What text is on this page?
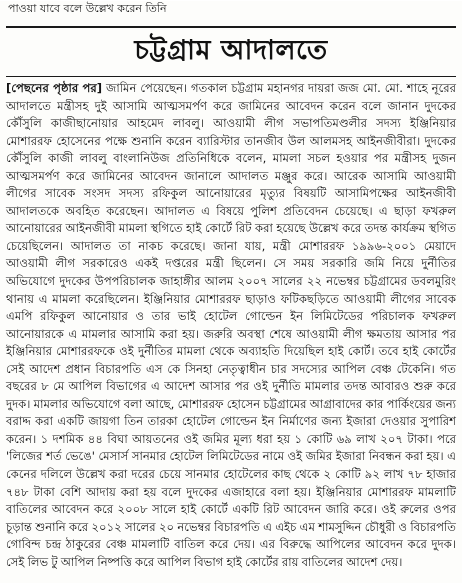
পাওয়া যাবে বলে উল্লেখ করেন তিনি
চট্টগ্রাম আদালতে
[পেছনের পৃষ্ঠার পর] জামিন পেয়েছেন। গতকাল চট্টগ্রাম মহানগর দায়রা জজ মো. মো. শাহে নূরের আদালতে মন্ত্রীসহ দুই আসামি আত্মসমর্পণ করে জামিনের আবেদন করেন বলে জানান দুদকের কৌঁসুলি কাজীছানোয়ার আহমেদ লাবলু। আওয়ামী লীগ সভাপতিমণ্ডলীর সদস্য ইঞ্জিনিয়ার মোশাররফ হোসেনের পক্ষে শুনানি করেন ব্যারিস্টার তানজীব উল আলমসহ আইনজীবীরা। দুদকের কৌঁসুলি কাজী লাবলু বাংলানিউজ প্রতিনিধিকে বলেন, মামলা সচল হওয়ার পর মন্ত্রীসহ দুজন আত্মসমর্পণ করে জামিনের আবেদন জানালে আদালত মঞ্জুর করে। আরেক আসামি আওয়ামী লীগের সাবেক সংসদ সদস্য রফিকুল আনোয়ারের মৃত্যুর বিষয়টি আসামিপক্ষের আইনজীবী আদালতকে অবহিত করেছেন। আদালত এ বিষয়ে পুলিশ প্রতিবেদন চেয়েছে। এ ছাড়া ফখরুল আনোয়ারের আইনজীবী মামলা স্থগিতে হাই কোর্টে রিট করা হয়েছে উল্লেখ করে তদন্ত কার্যক্রম স্থগিত চেয়েছিলেন। আদালত তা নাকচ করেছে। জানা যায়, মন্ত্রী মোশাররফ ১৯৯৬-২০০১ মেয়াদে আওয়ামী লীগ সরকারেও একই দপ্তরের মন্ত্রী ছিলেন। সে সময় সরকারি জমি নিয়ে দুর্নীতির অভিযোগে দুদকের উপপরিচালক জাহাঙ্গীর আলম ২০০৭ সালের ২২ নভেম্বর চট্টগ্রামের ডবলমুরিং থানায় এ মামলা করেছিলেন। ইঞ্জিনিয়ার মোশাররফ ছাড়াও ফটিকছড়িতে আওয়ামী লীগের সাবেক এমপি রফিকুল আনোয়ার ও তার ভাই হোটেল গোল্ডেন ইন লিমিটেডের পরিচালক ফখরুল আনোয়ারকে এ মামলার আসামি করা হয়। জরুরি অবস্থা শেষে আওয়ামী লীগ ক্ষমতায় আসার পর ইঞ্জিনিয়ার মোশাররফকে ওই দুর্নীতির মামলা থেকে অব্যাহতি দিয়েছিল হাই কোর্ট। তবে হাই কোর্টের সেই আদেশ প্রধান বিচারপতি এস কে সিনহা নেতৃত্বাধীন চার সদস্যের আপিল বেঞ্চ টেকেনি। গত বছরের ৮ মে আপিল বিভাগের এ আদেশ আসার পর ওই দুর্নীতি মামলার তদন্ত আবারও শুরু করে দুদক। মামলার অভিযোগে বলা আছে, মোশাররফ হোসেন চট্টগ্রামের আগ্রাবাদের কার পার্কিংয়ের জন্য বরাদ্দ করা একটি জায়গা তিন তারকা হোটেল গোল্ডেন ইন নির্মাণের জন্য ইজারা দেওয়ার সুপারিশ করেন। ১ দশমিক ৪৪ বিঘা আয়তনের ওই জমির মূল্য ধরা হয় ১ কোটি ৬৯ লাখ ২০৭ টাকা। পরে 'লিজের শর্ত ভেঙে' মেসার্স সানমার হোটেল লিমিটেডের নামে ওই জমির ইজারা নিবন্ধন করা হয়। এ কেনের দলিলে উল্লেখ করা দরের চেয়ে সানমার হোটেলের কাছ থেকে ২ কোটি ৯২ লাখ ৭৮ হাজার ৭৪৮ টাকা বেশি আদায় করা হয় বলে দুদকের এজাহারে বলা হয়। ইঞ্জিনিয়ার মোশাররফ মামলাটি বাতিলের আবেদন করে ২০০৮ সালে হাই কোর্টে একটি রিট আবেদন জারি করে। ওই রুলের ওপর চূড়ান্ত শুনানি করে ২০১২ সালের ২০ নভেম্বর বিচারপতি এ এইচ এম শামসুদ্দিন চৌধুরী ও বিচারপতি গোবিন্দ চন্দ্র ঠাকুরের বেঞ্চ মামলাটি বাতিল করে দেয়। এর বিরুদ্ধে আপিলের আবেদন করে দুদক। সেই লিভ টু আপিল নিষ্পত্তি করে আপিল বিভাগ হাই কোর্টের রায় বাতিলের আদেশ দেয়।
